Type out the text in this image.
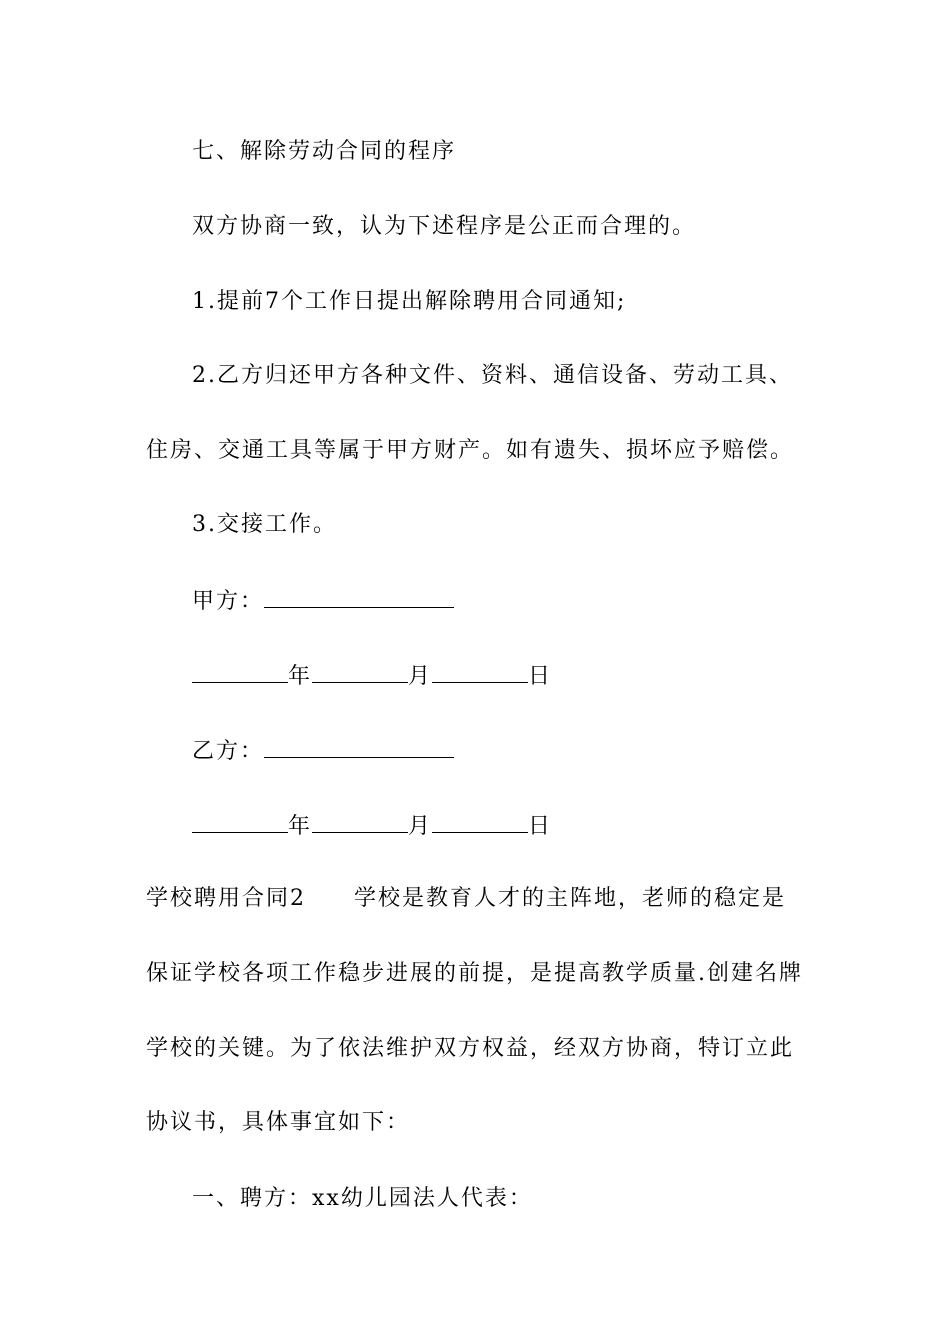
七、解除劳动合同的程序
双方协商一致，认为下述程序是公正而合理的。
1.提前7个工作日提出解除聘用合同通知;
2.乙方归还甲方各种文件、资料、通信设备、劳动工具、
住房、交通工具等属于甲方财产。如有遗失、损坏应予赔偿。
3.交接工作。
甲方：
年	月	日
乙方：
年	月	日
学校聘用合同2 学校是教育人才的主阵地，老师的稳定是
保证学校各项工作稳步进展的前提，是提高教学质量.创建名牌
学校的关键。为了依法维护双方权益，经双方协商，特订立此
协议书，具体事宜如下：
一、聘方：xx幼儿园法人代表：
